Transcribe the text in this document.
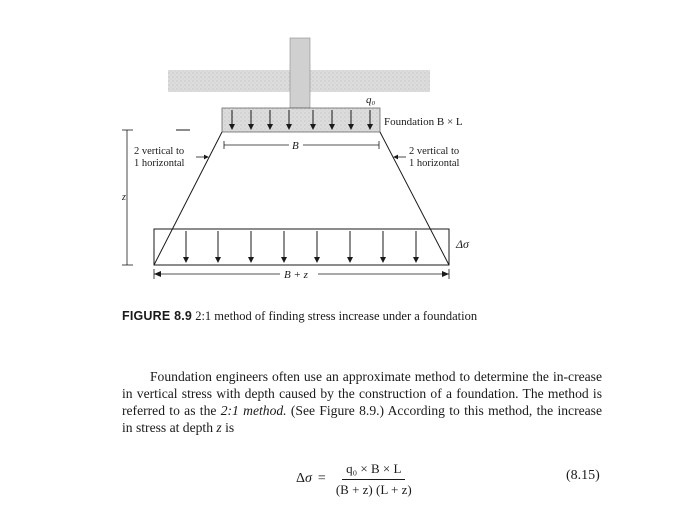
q₀
Foundation B × L
B
z
2 vertical to
1 horizontal
2 vertical to
1 horizontal
Δσ
B + z
FIGURE 8.9 2:1 method of finding stress increase under a foundation
Foundation engineers often use an approximate method to determine the in-crease in vertical stress with depth caused by the construction of a foundation. The method is referred to as the 2:1 method. (See Figure 8.9.) According to this method, the increase in stress at depth z is
$\Delta\sigma = \frac{\text{q₀ × B × L}}{(B + z) (L + z)}$	(8.15)
